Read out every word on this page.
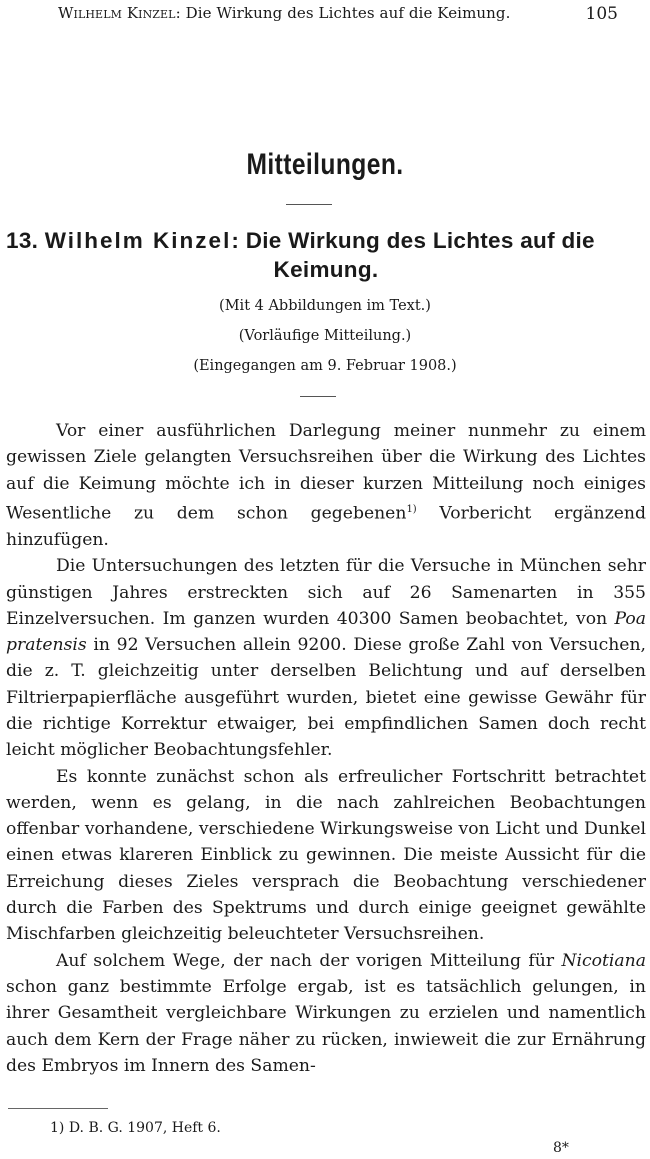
Wilhelm Kinzel: Die Wirkung des Lichtes auf die Keimung.	105
Mitteilungen.
13. Wilhelm Kinzel: Die Wirkung des Lichtes auf die
Keimung.
(Mit 4 Abbildungen im Text.)
(Vorläufige Mitteilung.)
(Eingegangen am 9. Februar 1908.)

Vor einer ausführlichen Darlegung meiner nunmehr zu einem gewissen Ziele gelangten Versuchsreihen über die Wirkung des Lichtes auf die Keimung möchte ich in dieser kurzen Mitteilung noch einiges Wesentliche zu dem schon gegebenen$^{1)}$ Vorbericht ergänzend hinzufügen.

Die Untersuchungen des letzten für die Versuche in München sehr günstigen Jahres erstreckten sich auf 26 Samenarten in 355 Einzelversuchen. Im ganzen wurden 40300 Samen beobachtet, von Poa pratensis in 92 Versuchen allein 9200. Diese große Zahl von Versuchen, die z. T. gleichzeitig unter derselben Belichtung und auf derselben Filtrierpapierfläche ausgeführt wurden, bietet eine gewisse Gewähr für die richtige Korrektur etwaiger, bei empfindlichen Samen doch recht leicht möglicher Beobachtungsfehler.

Es konnte zunächst schon als erfreulicher Fortschritt betrachtet werden, wenn es gelang, in die nach zahlreichen Beobachtungen offenbar vorhandene, verschiedene Wirkungsweise von Licht und Dunkel einen etwas klareren Einblick zu gewinnen. Die meiste Aussicht für die Erreichung dieses Zieles versprach die Beobachtung verschiedener durch die Farben des Spektrums und durch einige geeignet gewählte Mischfarben gleichzeitig beleuchteter Versuchsreihen.

Auf solchem Wege, der nach der vorigen Mitteilung für Nicotiana schon ganz bestimmte Erfolge ergab, ist es tatsächlich gelungen, in ihrer Gesamtheit vergleichbare Wirkungen zu erzielen und namentlich auch dem Kern der Frage näher zu rücken, inwieweit die zur Ernährung des Embryos im Innern des Samen-

1) D. B. G. 1907, Heft 6.
8*
